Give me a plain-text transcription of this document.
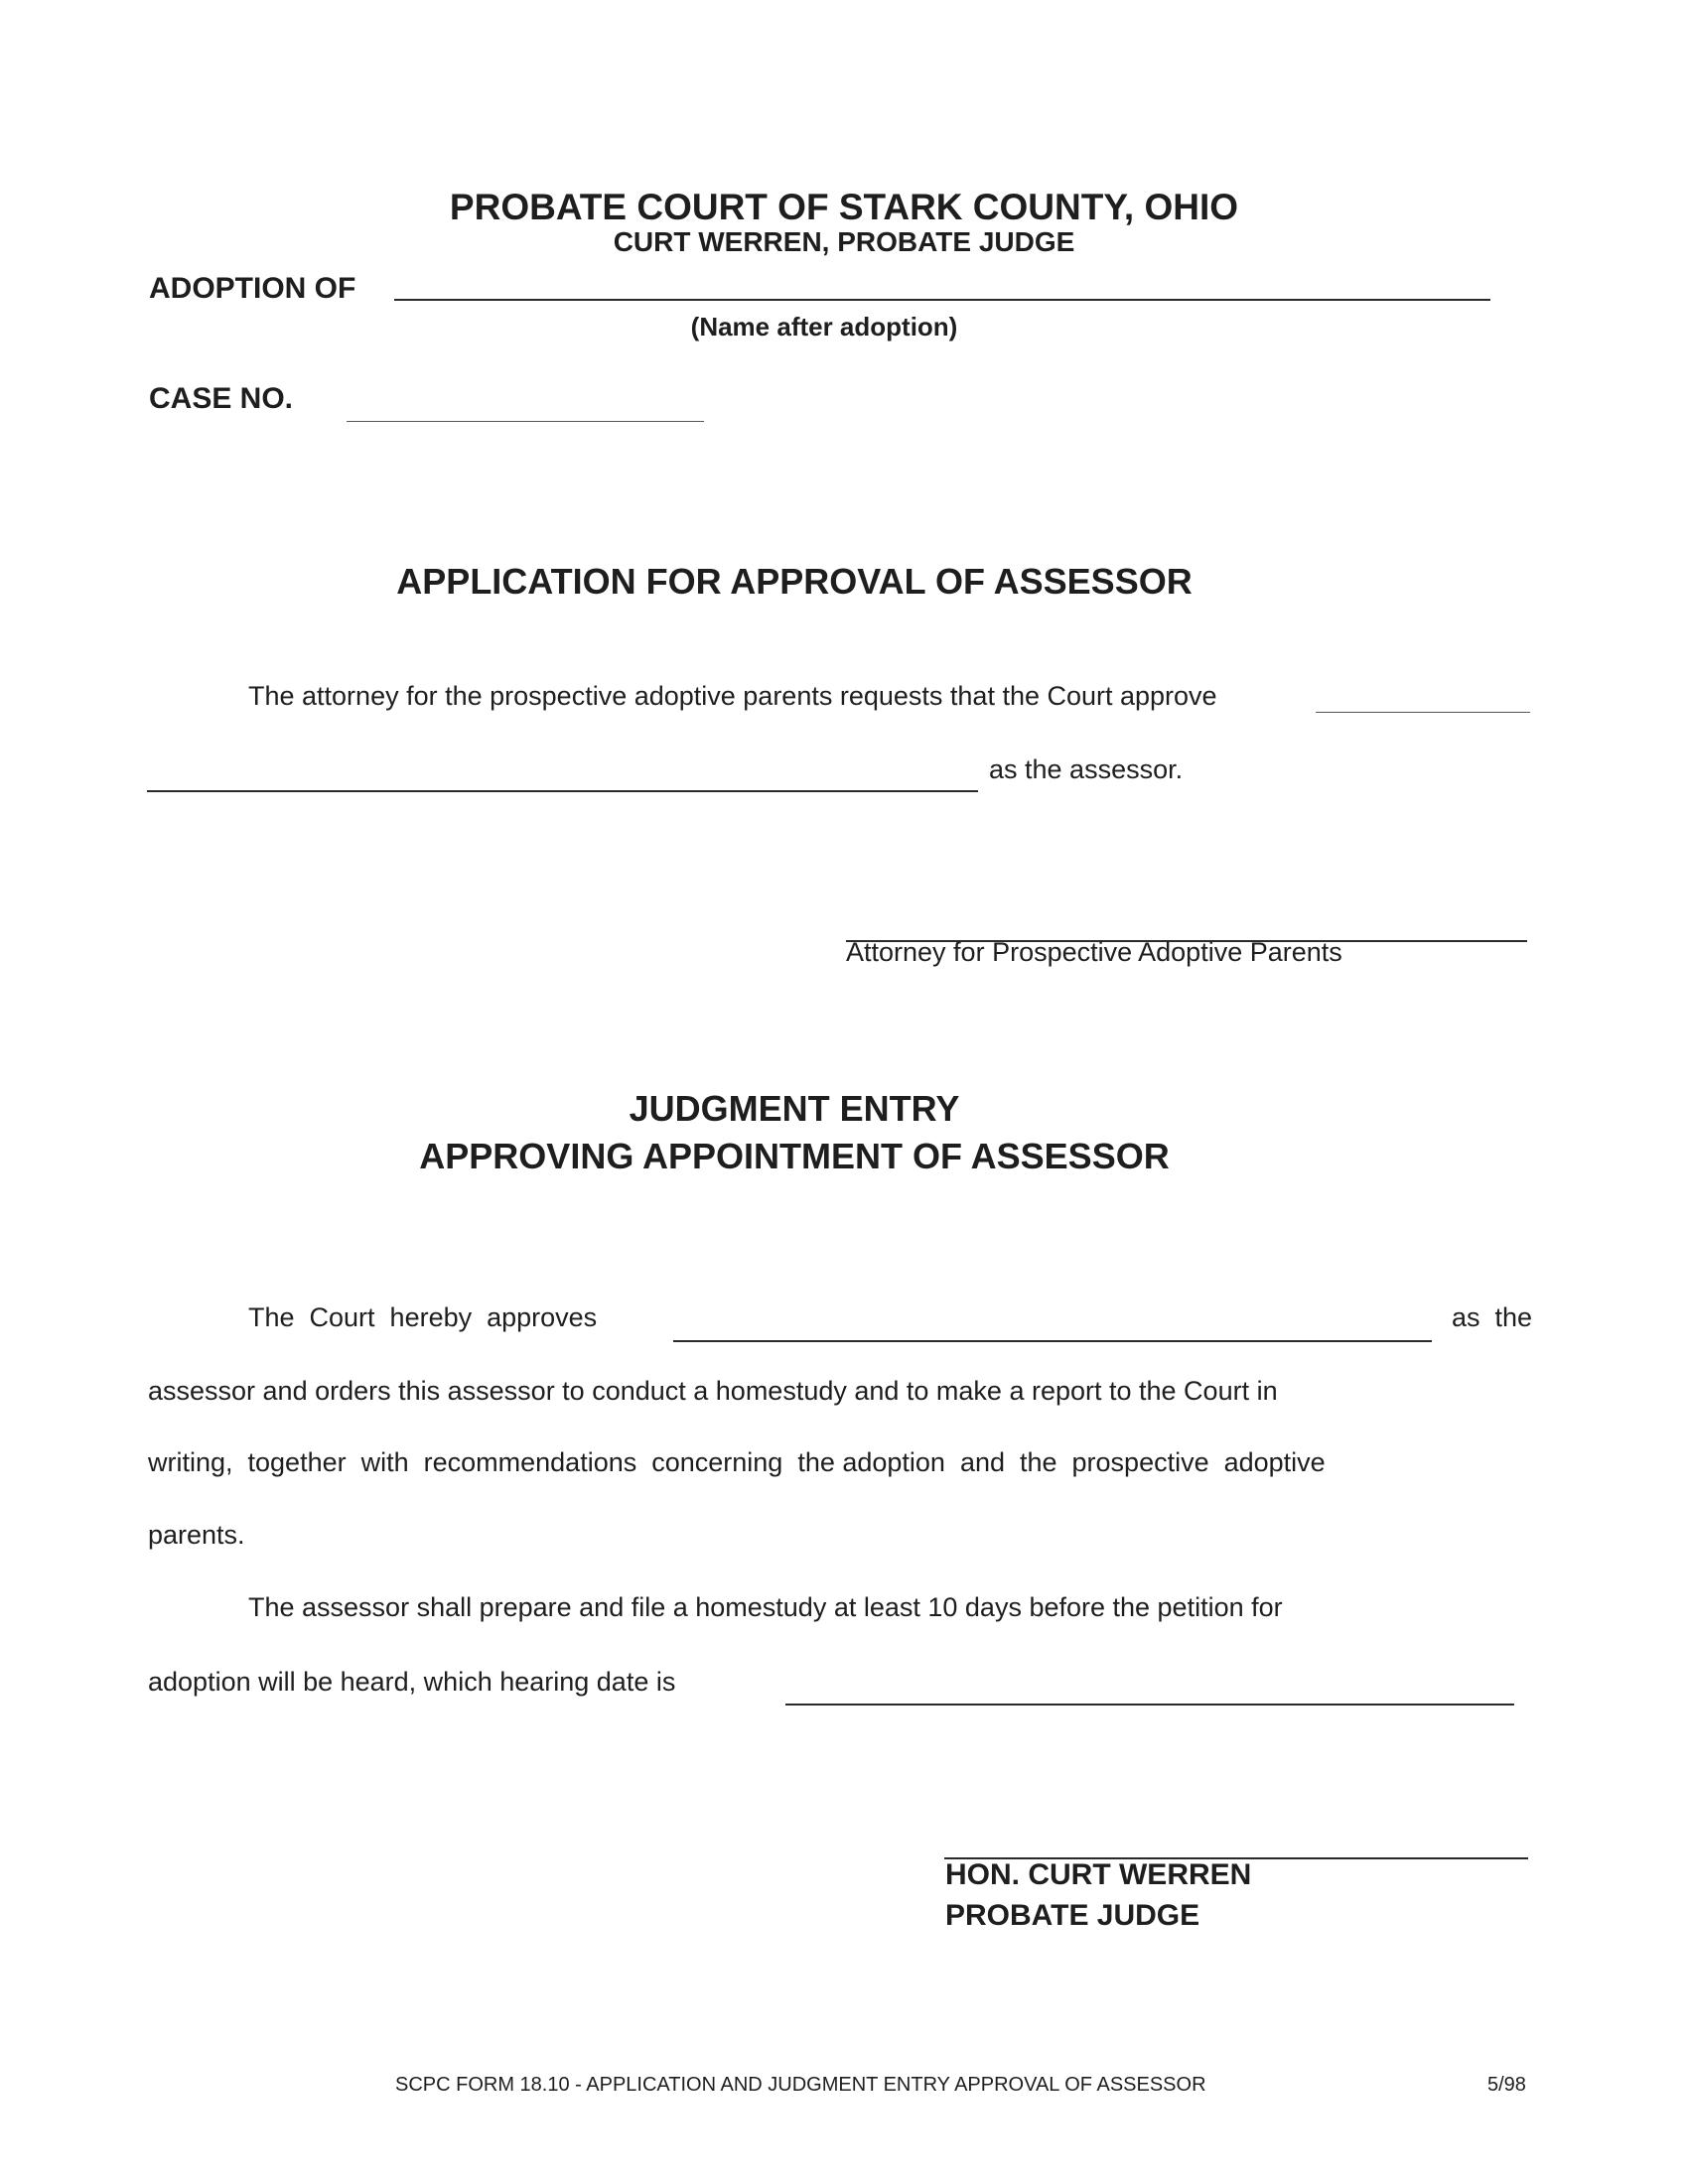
PROBATE COURT OF STARK COUNTY, OHIO
CURT WERREN, PROBATE JUDGE
ADOPTION OF
(Name after adoption)
CASE NO.
APPLICATION FOR APPROVAL OF ASSESSOR
The attorney for the prospective adoptive parents requests that the Court approve
as the assessor.
Attorney for Prospective Adoptive Parents
JUDGMENT ENTRY
APPROVING APPOINTMENT OF ASSESSOR
The  Court  hereby  approves	as  the
assessor and orders this assessor to conduct a homestudy and to make a report to the Court in
writing,  together  with  recommendations  concerning  the adoption  and  the  prospective  adoptive
parents.
The assessor shall prepare and file a homestudy at least 10 days before the petition for
adoption will be heard, which hearing date is
HON. CURT WERREN
PROBATE JUDGE
SCPC FORM 18.10 - APPLICATION AND JUDGMENT ENTRY APPROVAL OF ASSESSOR	5/98
